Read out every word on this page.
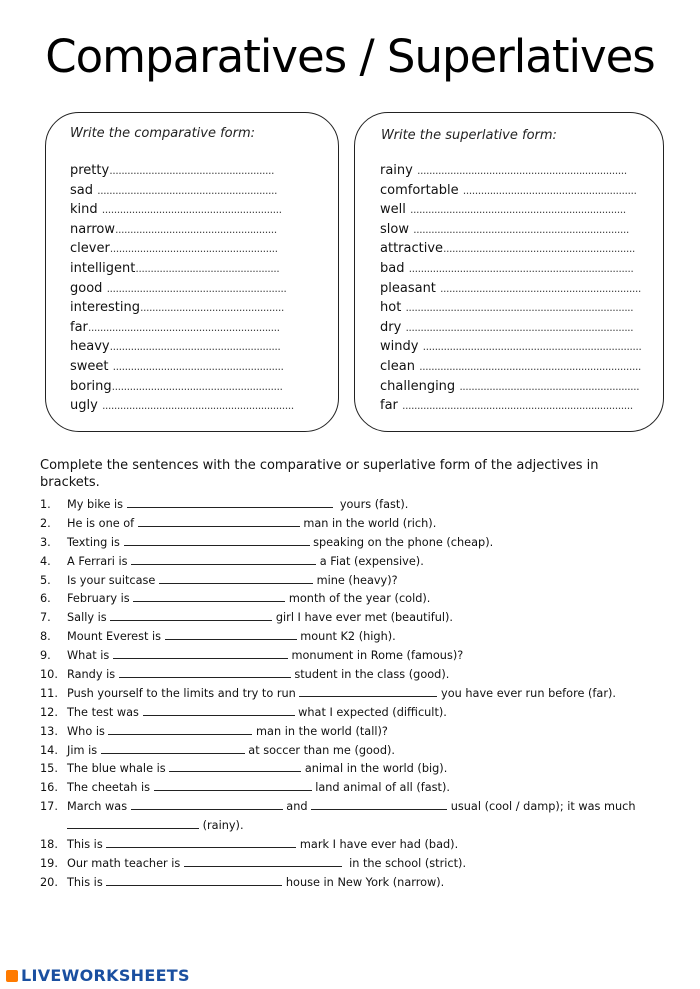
Comparatives / Superlatives
Write the comparative form:
pretty.......................................................
sad ............................................................
kind ............................................................
narrow......................................................
clever........................................................
intelligent................................................
good ............................................................
interesting................................................
far................................................................
heavy.........................................................
sweet .........................................................
boring.........................................................
ugly ................................................................
Write the superlative form:
rainy ......................................................................
comfortable ..........................................................
well ........................................................................
slow ........................................................................
attractive................................................................
bad ...........................................................................
pleasant ...................................................................
hot ............................................................................
dry ............................................................................
windy .........................................................................
clean ..........................................................................
challenging ............................................................
far .............................................................................
Complete the sentences with the comparative or superlative form of the adjectives in brackets.
1. My bike is	yours (fast).
2. He is one of	man in the world (rich).
3. Texting is	speaking on the phone (cheap).
4. A Ferrari is	a Fiat (expensive).
5. Is your suitcase	mine (heavy)?
6. February is	month of the year (cold).
7. Sally is	girl I have ever met (beautiful).
8. Mount Everest is	mount K2 (high).
9. What is	monument in Rome (famous)?
10. Randy is	student in the class (good).
11. Push yourself to the limits and try to run	you have ever run before (far).
12. The test was	what I expected (difficult).
13. Who is	man in the world (tall)?
14. Jim is	at soccer than me (good).
15. The blue whale is	animal in the world (big).
16. The cheetah is	land animal of all (fast).
17. March was	and	usual (cool / damp); it was much
(rainy).
18. This is	mark I have ever had (bad).
19. Our math teacher is	in the school (strict).
20. This is	house in New York (narrow).
LIVEWORKSHEETS
